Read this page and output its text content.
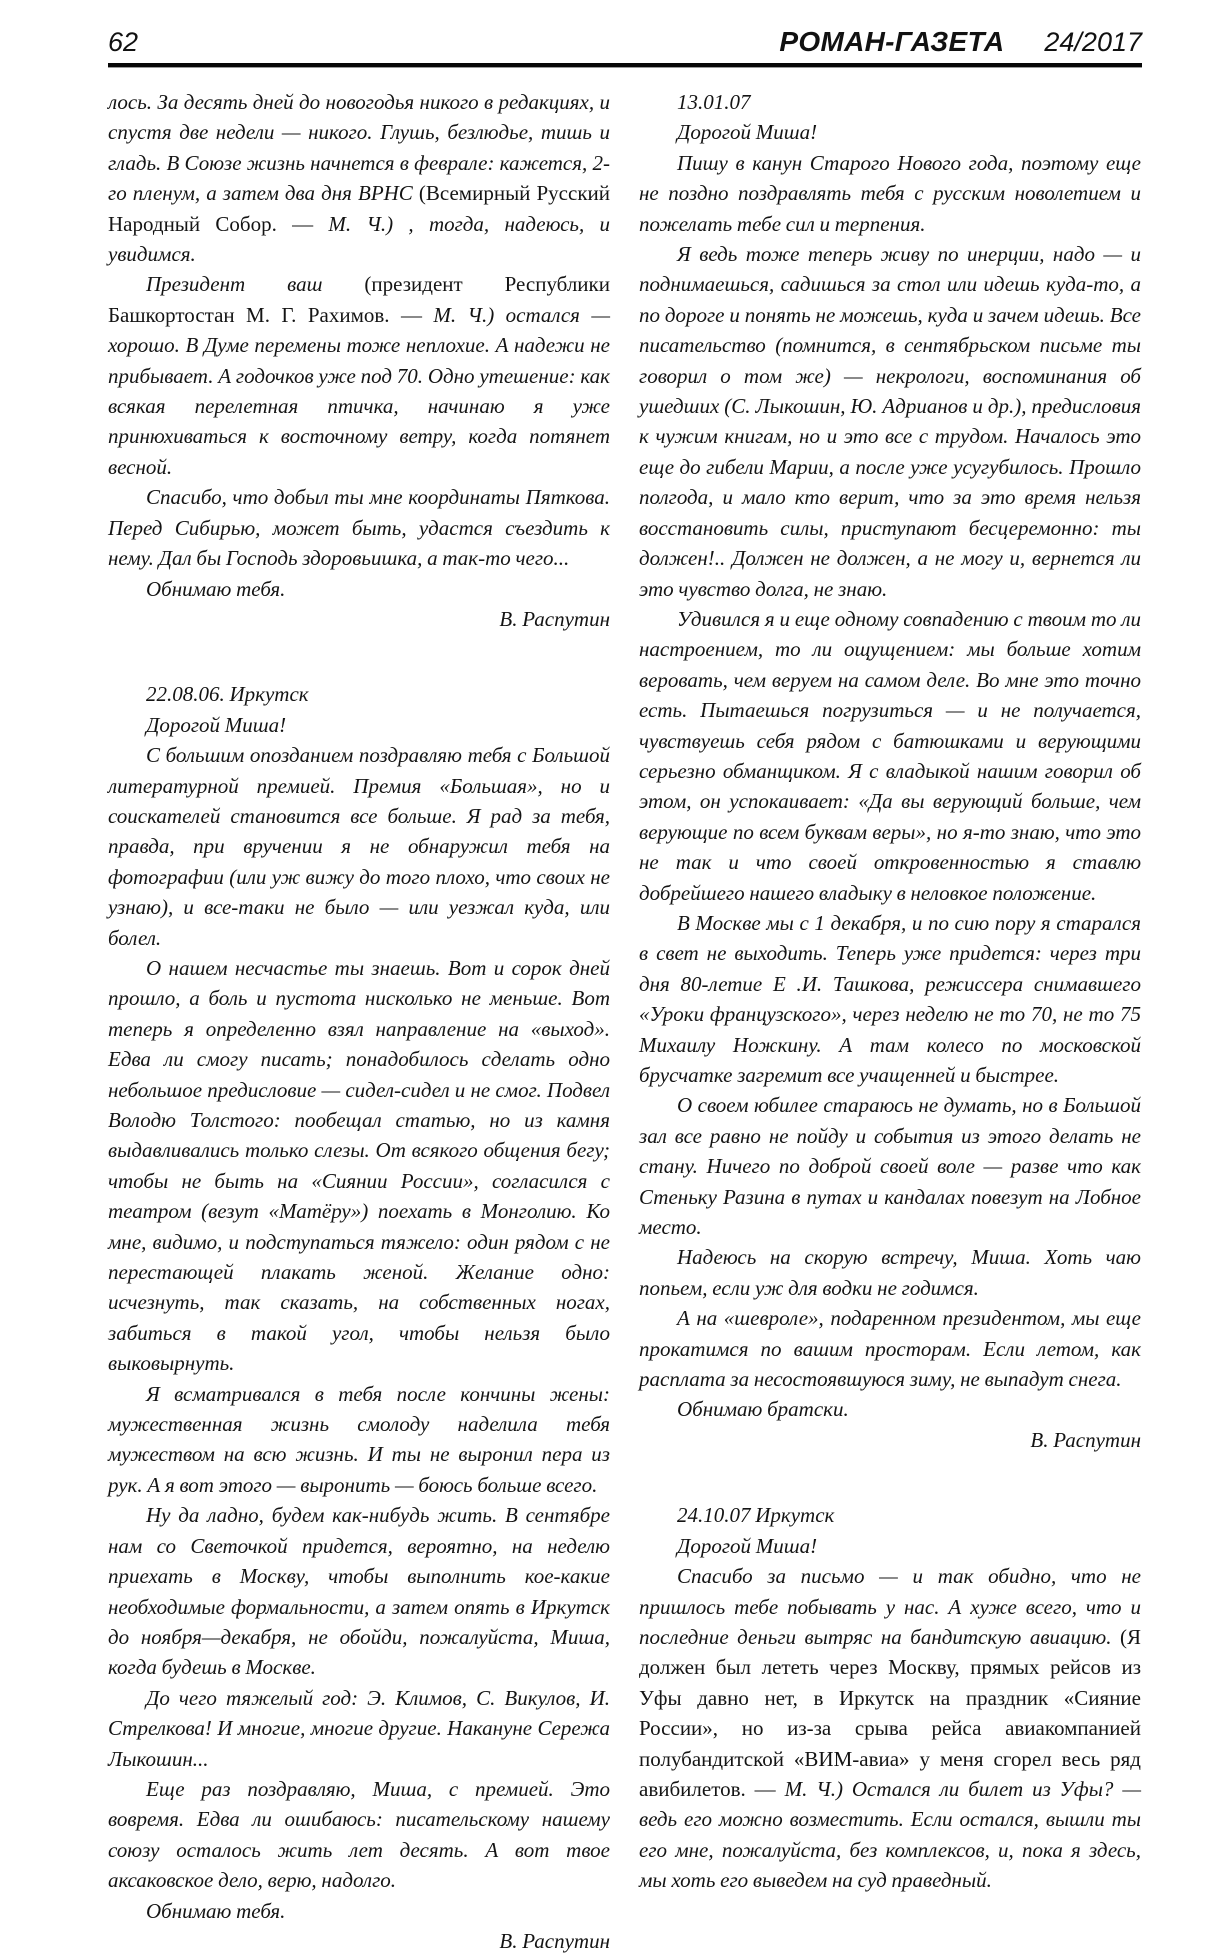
62	РОМАН-ГАЗЕТА 24/2017

лось. За десять дней до новогодья никого в редакциях, и спустя две недели — никого. Глушь, безлюдье, тишь и гладь. В Союзе жизнь начнется в феврале: кажется, 2-го пленум, а затем два дня ВРНС (Всемирный Русский Народный Собор. — М. Ч.) , тогда, надеюсь, и увидимся.

Президент ваш (президент Республики Башкортостан М. Г. Рахимов. — М. Ч.) остался — хорошо. В Думе перемены тоже неплохие. А надежи не прибывает. А годочков уже под 70. Одно утешение: как всякая перелетная птичка, начинаю я уже принюхиваться к восточному ветру, когда потянет весной.

Спасибо, что добыл ты мне координаты Пяткова. Перед Сибирью, может быть, удастся съездить к нему. Дал бы Господь здоровьишка, а так-то чего...

Обнимаю тебя.

В. Распутин

22.08.06. Иркутск

Дорогой Миша!

С большим опозданием поздравляю тебя с Большой литературной премией. Премия «Большая», но и соискателей становится все больше. Я рад за тебя, правда, при вручении я не обнаружил тебя на фотографии (или уж вижу до того плохо, что своих не узнаю), и все-таки не было — или уезжал куда, или болел.

О нашем несчастье ты знаешь. Вот и сорок дней прошло, а боль и пустота нисколько не меньше. Вот теперь я определенно взял направление на «выход». Едва ли смогу писать; понадобилось сделать одно небольшое предисловие — сидел-сидел и не смог. Подвел Володю Толстого: пообещал статью, но из камня выдавливались только слезы. От всякого общения бегу; чтобы не быть на «Сиянии России», согласился с театром (везут «Матёру») поехать в Монголию. Ко мне, видимо, и подступаться тяжело: один рядом с не перестающей плакать женой. Желание одно: исчезнуть, так сказать, на собственных ногах, забиться в такой угол, чтобы нельзя было выковырнуть.

Я всматривался в тебя после кончины жены: мужественная жизнь смолоду наделила тебя мужеством на всю жизнь. И ты не выронил пера из рук. А я вот этого — выронить — боюсь больше всего.

Ну да ладно, будем как-нибудь жить. В сентябре нам со Светочкой придется, вероятно, на неделю приехать в Москву, чтобы выполнить кое-какие необходимые формальности, а затем опять в Иркутск до ноября—декабря, не обойди, пожалуйста, Миша, когда будешь в Москве.

До чего тяжелый год: Э. Климов, С. Викулов, И. Стрелкова! И многие, многие другие. Накануне Сережа Лыкошин...

Еще раз поздравляю, Миша, с премией. Это вовремя. Едва ли ошибаюсь: писательскому нашему союзу осталось жить лет десять. А вот твое аксаковское дело, верю, надолго.

Обнимаю тебя.

В. Распутин

13.01.07

Дорогой Миша!

Пишу в канун Старого Нового года, поэтому еще не поздно поздравлять тебя с русским новолетием и пожелать тебе сил и терпения.

Я ведь тоже теперь живу по инерции, надо — и поднимаешься, садишься за стол или идешь куда-то, а по дороге и понять не можешь, куда и зачем идешь. Все писательство (помнится, в сентябрьском письме ты говорил о том же) — некрологи, воспоминания об ушедших (С. Лыкошин, Ю. Адрианов и др.), предисловия к чужим книгам, но и это все с трудом. Началось это еще до гибели Марии, а после уже усугубилось. Прошло полгода, и мало кто верит, что за это время нельзя восстановить силы, приступают бесцеремонно: ты должен!.. Должен не должен, а не могу и, вернется ли это чувство долга, не знаю.

Удивился я и еще одному совпадению с твоим то ли настроением, то ли ощущением: мы больше хотим веровать, чем веруем на самом деле. Во мне это точно есть. Пытаешься погрузиться — и не получается, чувствуешь себя рядом с батюшками и верующими серьезно обманщиком. Я с владыкой нашим говорил об этом, он успокаивает: «Да вы верующий больше, чем верующие по всем буквам веры», но я-то знаю, что это не так и что своей откровенностью я ставлю добрейшего нашего владыку в неловкое положение.

В Москве мы с 1 декабря, и по сию пору я старался в свет не выходить. Теперь уже придется: через три дня 80-летие Е .И. Ташкова, режиссера снимавшего «Уроки французского», через неделю не то 70, не то 75 Михаилу Ножкину. А там колесо по московской брусчатке загремит все учащенней и быстрее.

О своем юбилее стараюсь не думать, но в Большой зал все равно не пойду и события из этого делать не стану. Ничего по доброй своей воле — разве что как Стеньку Разина в путах и кандалах повезут на Лобное место.

Надеюсь на скорую встречу, Миша. Хоть чаю попьем, если уж для водки не годимся.

А на «шевроле», подаренном президентом, мы еще прокатимся по вашим просторам. Если летом, как расплата за несостоявшуюся зиму, не выпадут снега.

Обнимаю братски.

В. Распутин

24.10.07 Иркутск

Дорогой Миша!

Спасибо за письмо — и так обидно, что не пришлось тебе побывать у нас. А хуже всего, что и последние деньги вытряс на бандитскую авиацию. (Я должен был лететь через Москву, прямых рейсов из Уфы давно нет, в Иркутск на праздник «Сияние России», но из-за срыва рейса авиакомпанией полубандитской «ВИМ-авиа» у меня сгорел весь ряд авибилетов. — М. Ч.) Остался ли билет из Уфы? — ведь его можно возместить. Если остался, вышли ты его мне, пожалуйста, без комплексов, и, пока я здесь, мы хоть его выведем на суд праведный.
